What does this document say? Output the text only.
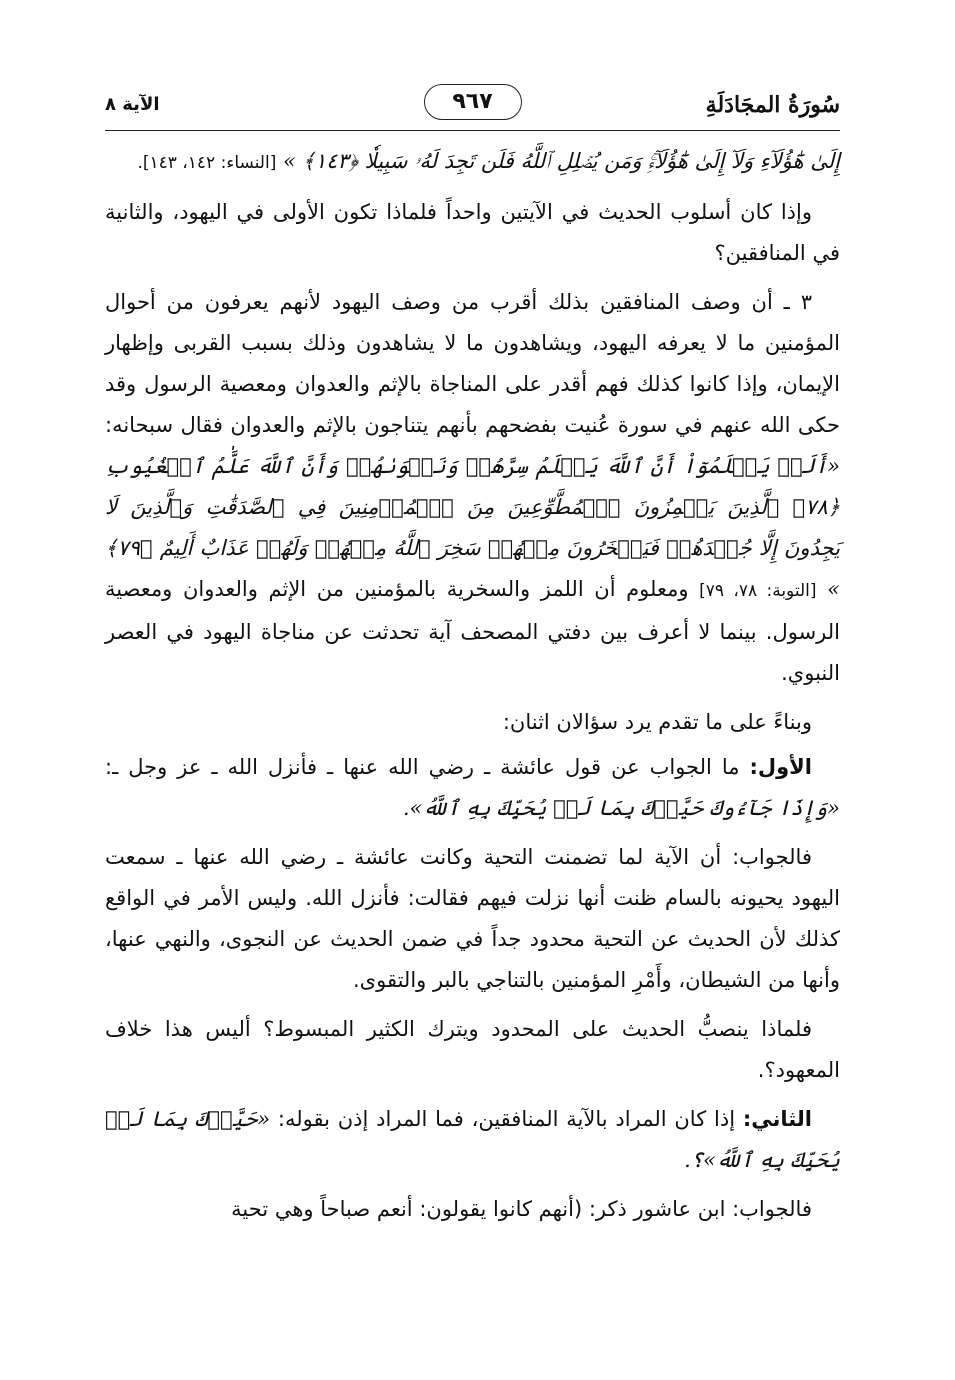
سُورَةُ المجَادَلَةِ
٩٦٧
الآية ٨

إِلَىٰ هَٰٓؤُلَآءِ وَلَآ إِلَىٰ هَٰٓؤُلَآءِۚ وَمَن يُضۡلِلِ ٱللَّهُ فَلَن تَجِدَ لَهُۥ سَبِيلٗا ﴿١٤٣﴾ » [النساء: ١٤٢، ١٤٣].

وإذا كان أسلوب الحديث في الآيتين واحداً فلماذا تكون الأولى في اليهود، والثانية في المنافقين؟

٣ ـ أن وصف المنافقين بذلك أقرب من وصف اليهود لأنهم يعرفون من أحوال المؤمنين ما لا يعرفه اليهود، ويشاهدون ما لا يشاهدون وذلك بسبب القربى وإظهار الإيمان، وإذا كانوا كذلك فهم أقدر على المناجاة بالإثم والعدوان ومعصية الرسول وقد حكى الله عنهم في سورة عُنيت بفضحهم بأنهم يتناجون بالإثم والعدوان فقال سبحانه: «أَلَمۡ يَعۡلَمُوٓاْ أَنَّ ٱللَّهَ يَعۡلَمُ سِرَّهُمۡ وَنَجۡوَىٰهُمۡ وَأَنَّ ٱللَّهَ عَلَّٰمُ ٱلۡغُيُوبِ ﴿٧٨﴾ ٱلَّذِينَ يَلۡمِزُونَ ٱلۡمُطَّوِّعِينَ مِنَ ٱلۡمُؤۡمِنِينَ فِي ٱلصَّدَقَٰتِ وَٱلَّذِينَ لَا يَجِدُونَ إِلَّا جُهۡدَهُمۡ فَيَسۡخَرُونَ مِنۡهُمۡ سَخِرَ ٱللَّهُ مِنۡهُمۡ وَلَهُمۡ عَذَابٌ أَلِيمٌ ﴿٧٩﴾ » [التوبة: ٧٨، ٧٩] ومعلوم أن اللمز والسخرية بالمؤمنين من الإثم والعدوان ومعصية الرسول. بينما لا أعرف بين دفتي المصحف آية تحدثت عن مناجاة اليهود في العصر النبوي.

وبناءً على ما تقدم يرد سؤالان اثنان:

الأول: ما الجواب عن قول عائشة ـ رضي الله عنها ـ فأنزل الله ـ عز وجل ـ: «وَإِذَا جَآءُوكَ حَيَّوۡكَ بِمَا لَمۡ يُحَيِّكَ بِهِ ٱللَّهُ».

فالجواب: أن الآية لما تضمنت التحية وكانت عائشة ـ رضي الله عنها ـ سمعت اليهود يحيونه بالسام ظنت أنها نزلت فيهم فقالت: فأنزل الله. وليس الأمر في الواقع كذلك لأن الحديث عن التحية محدود جداً في ضمن الحديث عن النجوى، والنهي عنها، وأنها من الشيطان، وأَمْرِ المؤمنين بالتناجي بالبر والتقوى.

فلماذا ينصبُّ الحديث على المحدود ويترك الكثير المبسوط؟ أليس هذا خلاف المعهود؟.

الثاني: إذا كان المراد بالآية المنافقين، فما المراد إذن بقوله: «حَيَّوۡكَ بِمَا لَمۡ يُحَيِّكَ بِهِ ٱللَّهُ»؟.

فالجواب: ابن عاشور ذكر: (أنهم كانوا يقولون: أنعم صباحاً وهي تحية
